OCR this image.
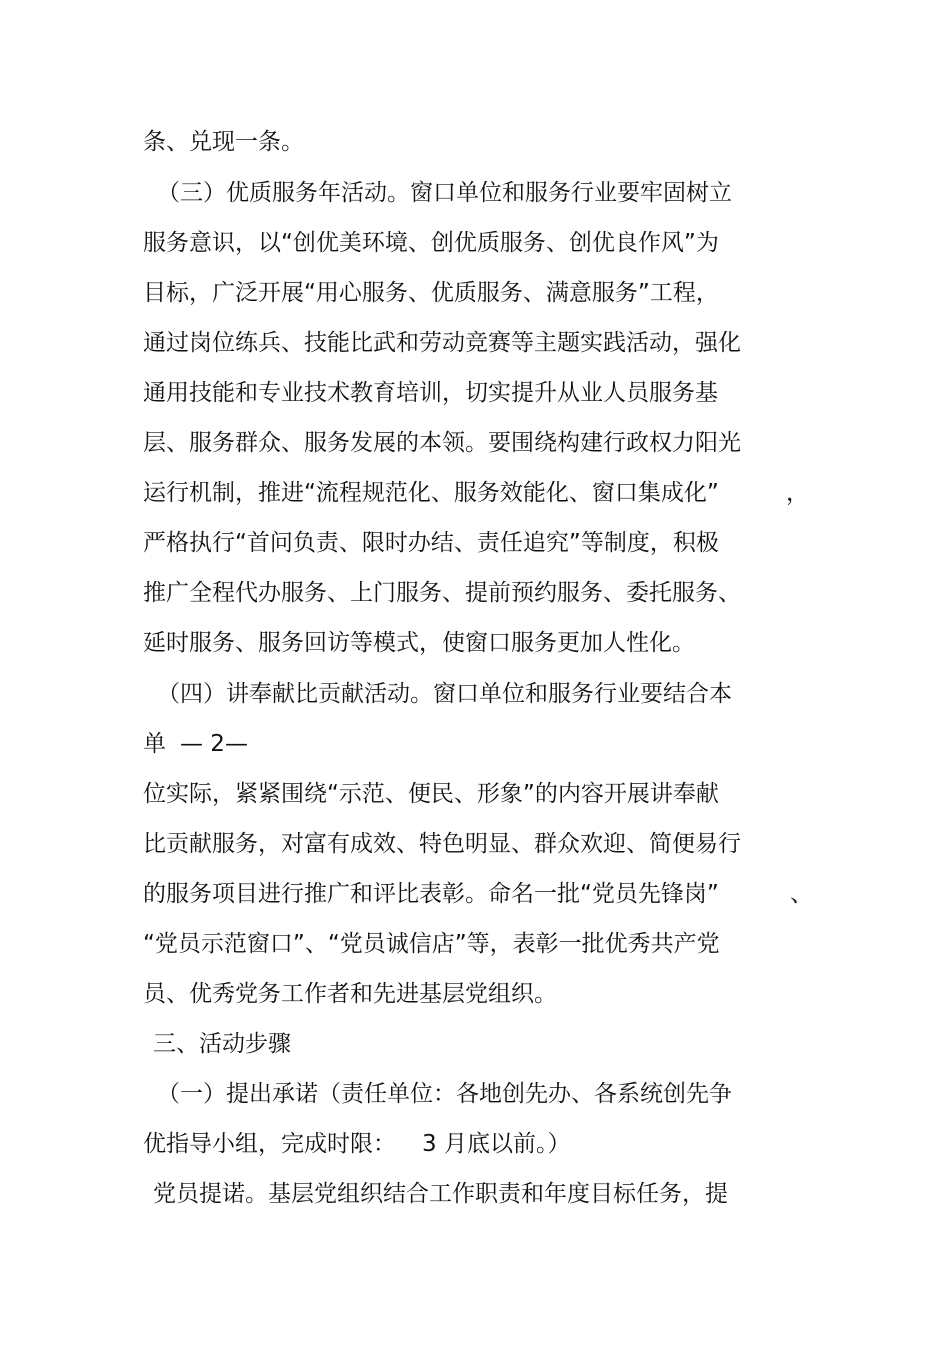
条、兑现一条。

（三）优质服务年活动。窗口单位和服务行业要牢固树立

服务意识，以“创优美环境、创优质服务、创优良作风”为

目标，广泛开展“用心服务、优质服务、满意服务”工程，

通过岗位练兵、技能比武和劳动竞赛等主题实践活动，强化

通用技能和专业技术教育培训，切实提升从业人员服务基

层、服务群众、服务发展的本领。要围绕构建行政权力阳光

运行机制，推进“流程规范化、服务效能化、窗口集成化”	，

严格执行“首问负责、限时办结、责任追究”等制度，积极

推广全程代办服务、上门服务、提前预约服务、委托服务、

延时服务、服务回访等模式，使窗口服务更加人性化。

（四）讲奉献比贡献活动。窗口单位和服务行业要结合本

单 — 2—

位实际，紧紧围绕“示范、便民、形象”的内容开展讲奉献

比贡献服务，对富有成效、特色明显、群众欢迎、简便易行

的服务项目进行推广和评比表彰。命名一批“党员先锋岗”	、

“党员示范窗口”、“党员诚信店”等，表彰一批优秀共产党

员、优秀党务工作者和先进基层党组织。

三、活动步骤

（一）提出承诺（责任单位：各地创先办、各系统创先争

优指导小组，完成时限： 3 月底以前。）

党员提诺。基层党组织结合工作职责和年度目标任务，提
